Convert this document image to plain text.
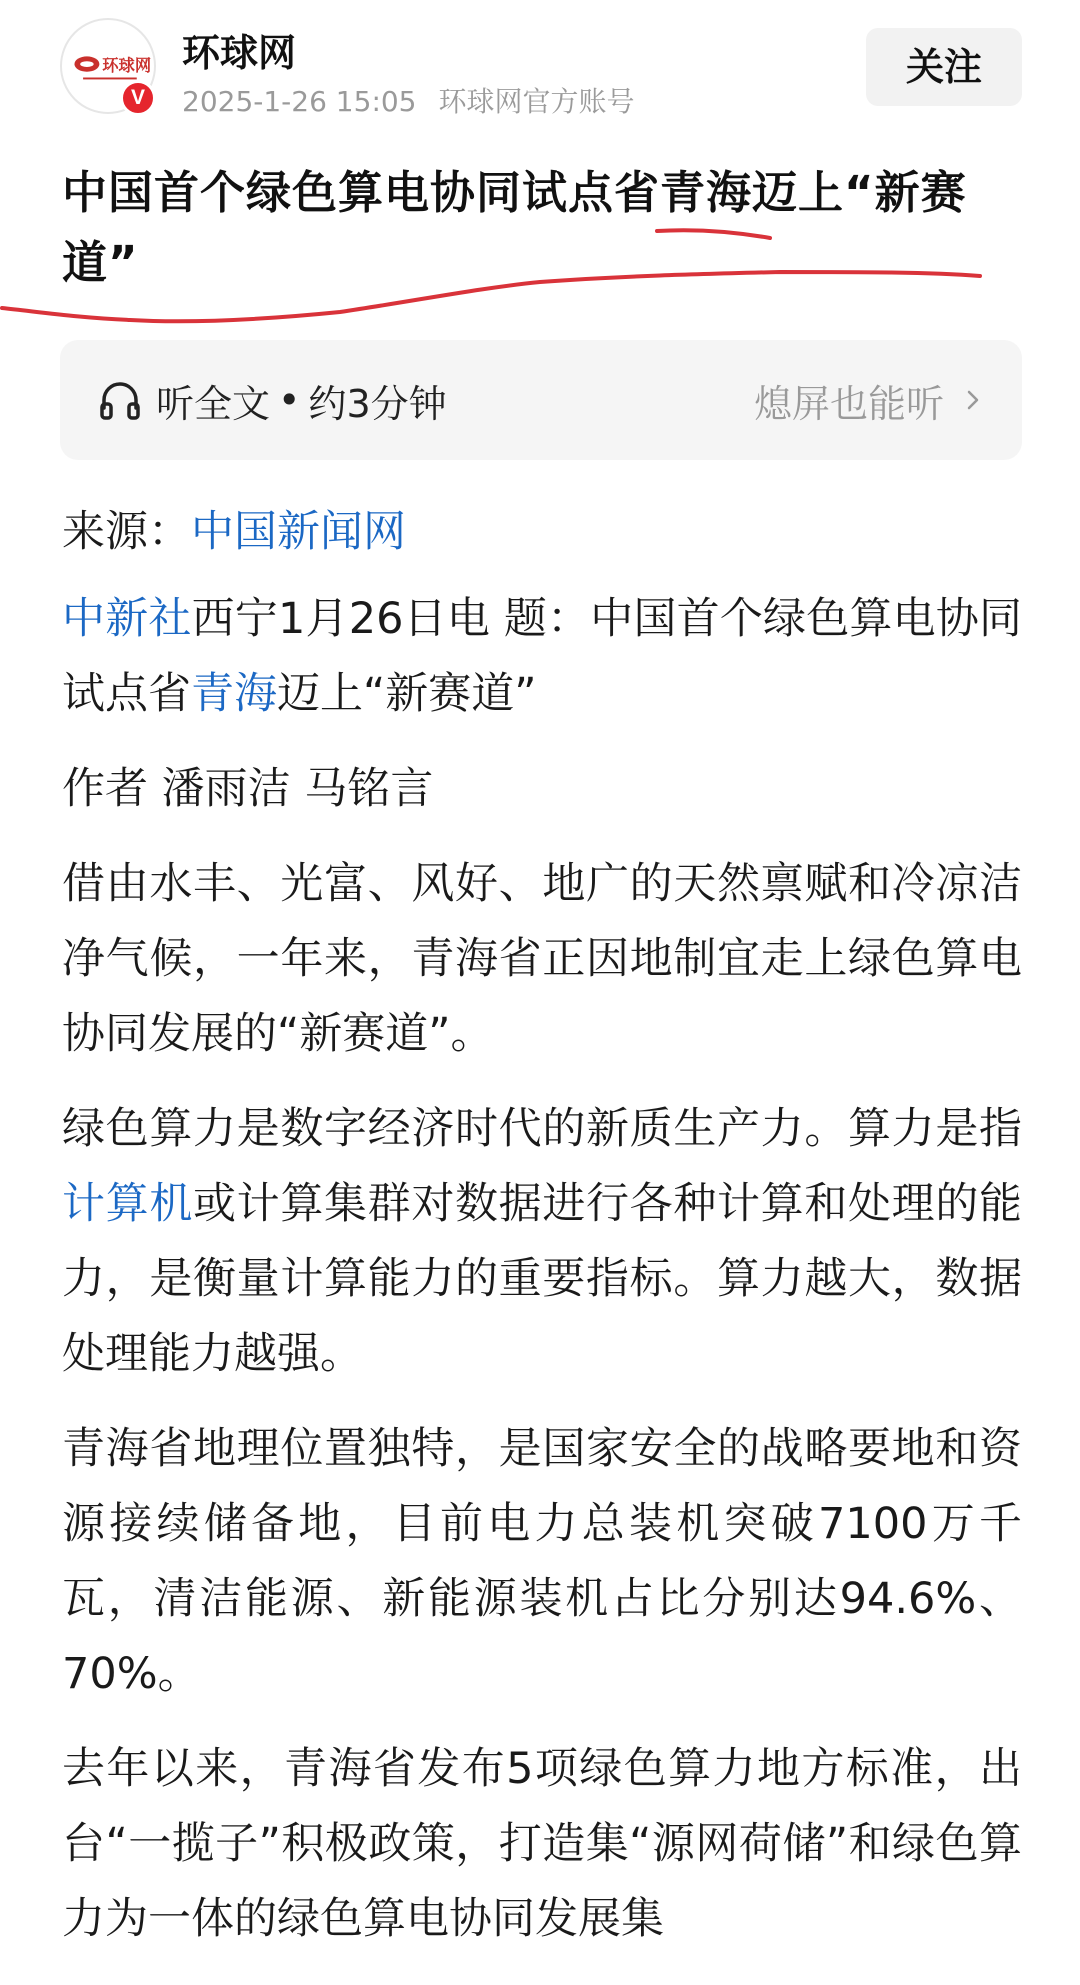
环球网
V
环球网
2025-1-26 15:05 环球网官方账号
关注
中国首个绿色算电协同试点省青海迈上“新赛道”
听全文 • 约3分钟	熄屏也能听

来源：中国新闻网

中新社西宁1月26日电 题：中国首个绿色算电协同试点省青海迈上“新赛道”

作者 潘雨洁 马铭言

借由水丰、光富、风好、地广的天然禀赋和冷凉洁净气候，一年来，青海省正因地制宜走上绿色算电协同发展的“新赛道”。

绿色算力是数字经济时代的新质生产力。算力是指计算机或计算集群对数据进行各种计算和处理的能力，是衡量计算能力的重要指标。算力越大，数据处理能力越强。

青海省地理位置独特，是国家安全的战略要地和资源接续储备地，目前电力总装机突破7100万千瓦，清洁能源、新能源装机占比分别达94.6%、70%。

去年以来，青海省发布5项绿色算力地方标准，出台“一揽子”积极政策，打造集“源网荷储”和绿色算力为一体的绿色算电协同发展集
